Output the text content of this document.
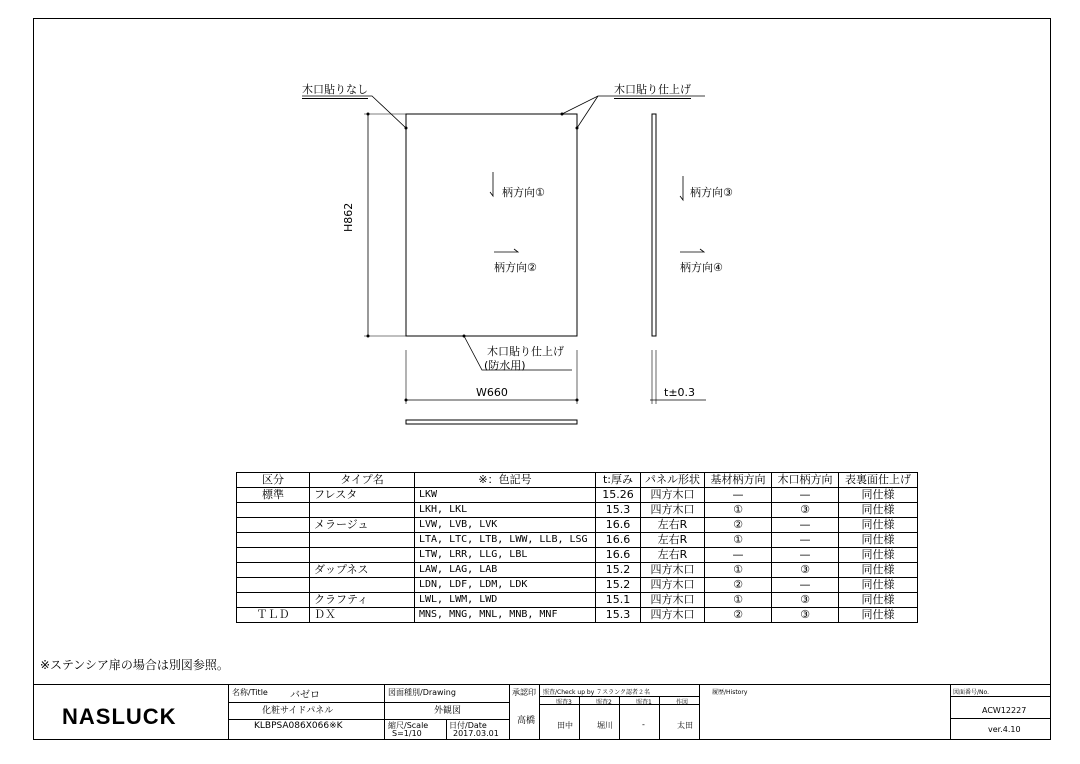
木口貼りなし	木口貼り仕上げ
木口貼り仕上げ
(防水用)
H862
W660	t±0.3
柄方向①
柄方向②
柄方向③
柄方向④
区分	タイプ名	※：色記号	t:厚み	パネル形状	基材柄方向	木口柄方向	表裏面仕上げ
標準	フレスタ	LKW	15.26	四方木口	—	—	同仕様
		LKH, LKL	15.3	四方木口	①	③	同仕様
	メラージュ	LVW, LVB, LVK	16.6	左右R	②	—	同仕様
		LTA, LTC, LTB, LWW, LLB, LSG	16.6	左右R	①	—	同仕様
		LTW, LRR, LLG, LBL	16.6	左右R	—	—	同仕様
	ダップネス	LAW, LAG, LAB	15.2	四方木口	①	③	同仕様
		LDN, LDF, LDM, LDK	15.2	四方木口	②	—	同仕様
	クラフティ	LWL, LWM, LWD	15.1	四方木口	①	③	同仕様
ＴＬＤ	ＤＸ	MNS, MNG, MNL, MNB, MNF	15.3	四方木口	②	③	同仕様
※ステンシア扉の場合は別図参照。
NASLUCK
名称/Title バゼロ
化粧サイドパネル
KLBPSA086X066※K
図面種別/Drawing
外観図
縮尺/Scale
S=1/10
日付/Date
2017.03.01
承認印
高橋
照査/Check up by ７スランク認者２名
照査3	照査2	照査1	作図
田中	堀川	-	太田
履歴/History	図面番号/No.
ACW12227
ver.4.10
